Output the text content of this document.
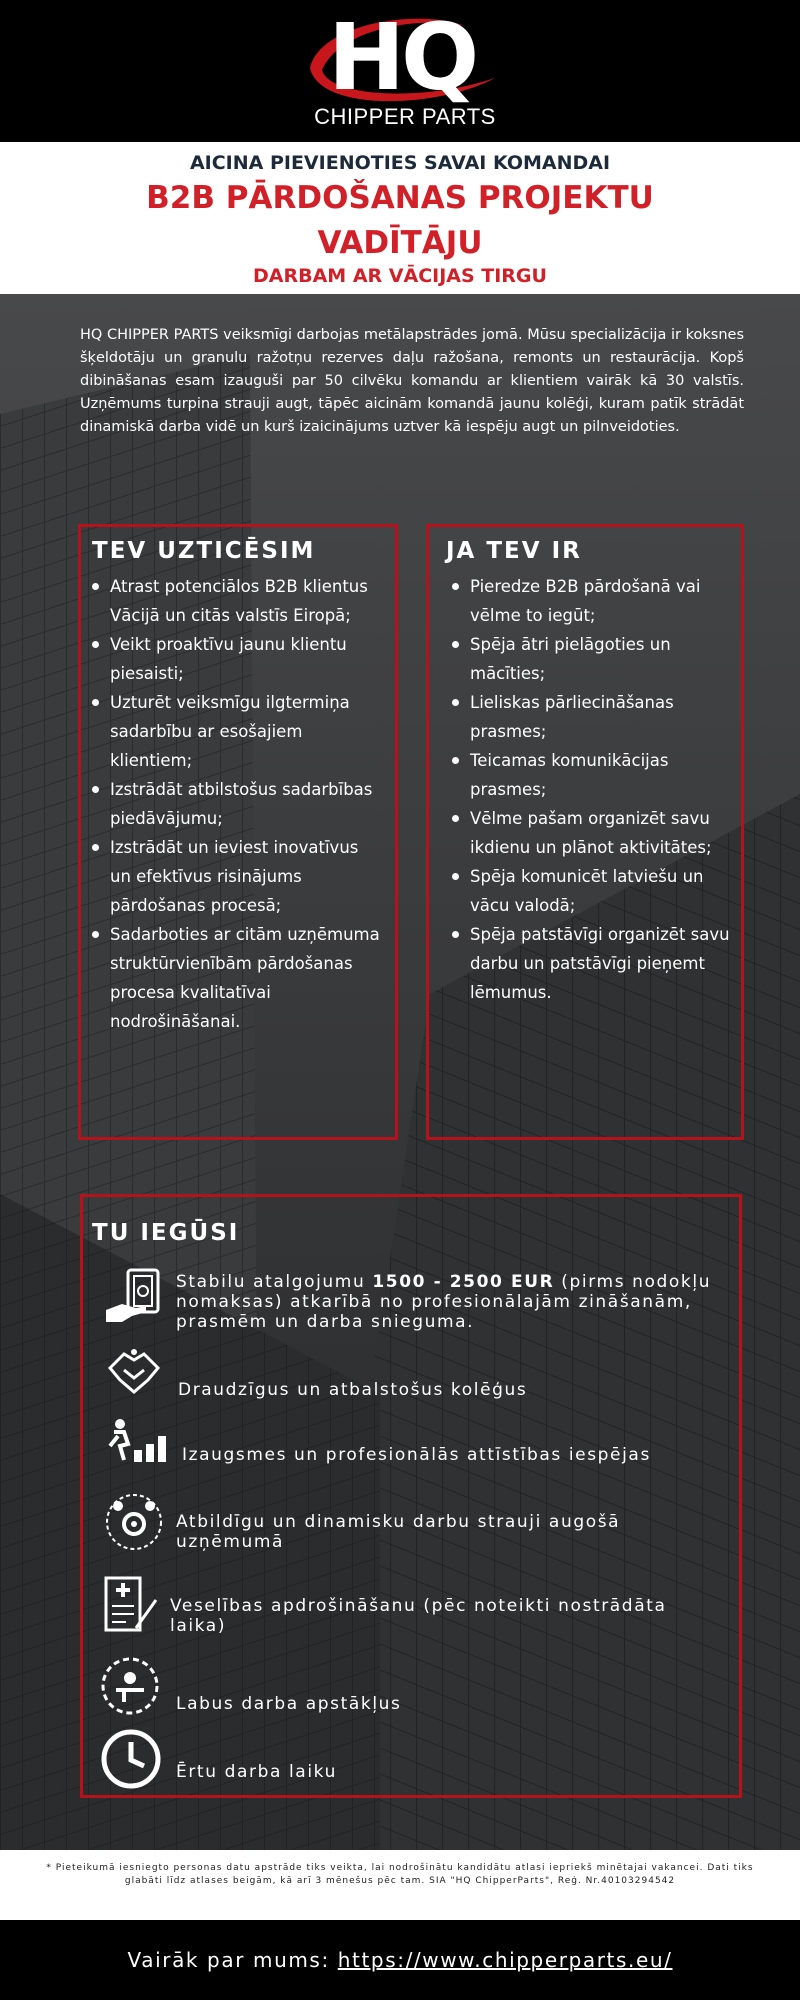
HQ
CHIPPER PARTS
AICINA PIEVIENOTIES SAVAI KOMANDAI
B2B PĀRDOŠANAS PROJEKTU VADĪTĀJU
DARBAM AR VĀCIJAS TIRGU
HQ CHIPPER PARTS veiksmīgi darbojas metālapstrādes jomā. Mūsu specializācija ir koksnes šķeldotāju un granulu ražotņu rezerves daļu ražošana, remonts un restaurācija. Kopš dibināšanas esam izauguši par 50 cilvēku komandu ar klientiem vairāk kā 30 valstīs. Uzņēmums turpina strauji augt, tāpēc aicinām komandā jaunu kolēģi, kuram patīk strādāt dinamiskā darba vidē un kurš izaicinājums uztver kā iespēju augt un pilnveidoties.
TEV UZTICĒSIM
Atrast potenciālos B2B klientus Vācijā un citās valstīs Eiropā;
Veikt proaktīvu jaunu klientu piesaisti;
Uzturēt veiksmīgu ilgtermiņa sadarbību ar esošajiem klientiem;
Izstrādāt atbilstošus sadarbības piedāvājumu;
Izstrādāt un ieviest inovatīvus un efektīvus risinājums pārdošanas procesā;
Sadarboties ar citām uzņēmuma struktūrvienībām pārdošanas procesa kvalitatīvai nodrošināšanai.
JA TEV IR
Pieredze B2B pārdošanā vai vēlme to iegūt;
Spēja ātri pielāgoties un mācīties;
Lieliskas pārliecināšanas prasmes;
Teicamas komunikācijas prasmes;
Vēlme pašam organizēt savu ikdienu un plānot aktivitātes;
Spēja komunicēt latviešu un vācu valodā;
Spēja patstāvīgi organizēt savu darbu un patstāvīgi pieņemt lēmumus.
TU IEGŪSI
Stabilu atalgojumu 1500 - 2500 EUR (pirms nodokļu nomaksas) atkarībā no profesionālajām zināšanām, prasmēm un darba snieguma.
Draudzīgus un atbalstošus kolēģus
Izaugsmes un profesionālās attīstības iespējas
Atbildīgu un dinamisku darbu strauji augošā uzņēmumā
Veselības apdrošināšanu (pēc noteikti nostrādāta laika)
Labus darba apstākļus
Ērtu darba laiku
* Pieteikumā iesniegto personas datu apstrāde tiks veikta, lai nodrošinātu kandidātu atlasi iepriekš minētajai vakancei. Dati tiks glabāti līdz atlases beigām, kā arī 3 mēnešus pēc tam. SIA "HQ ChipperParts", Reģ. Nr.40103294542
Vairāk par mums: https://www.chipperparts.eu/
